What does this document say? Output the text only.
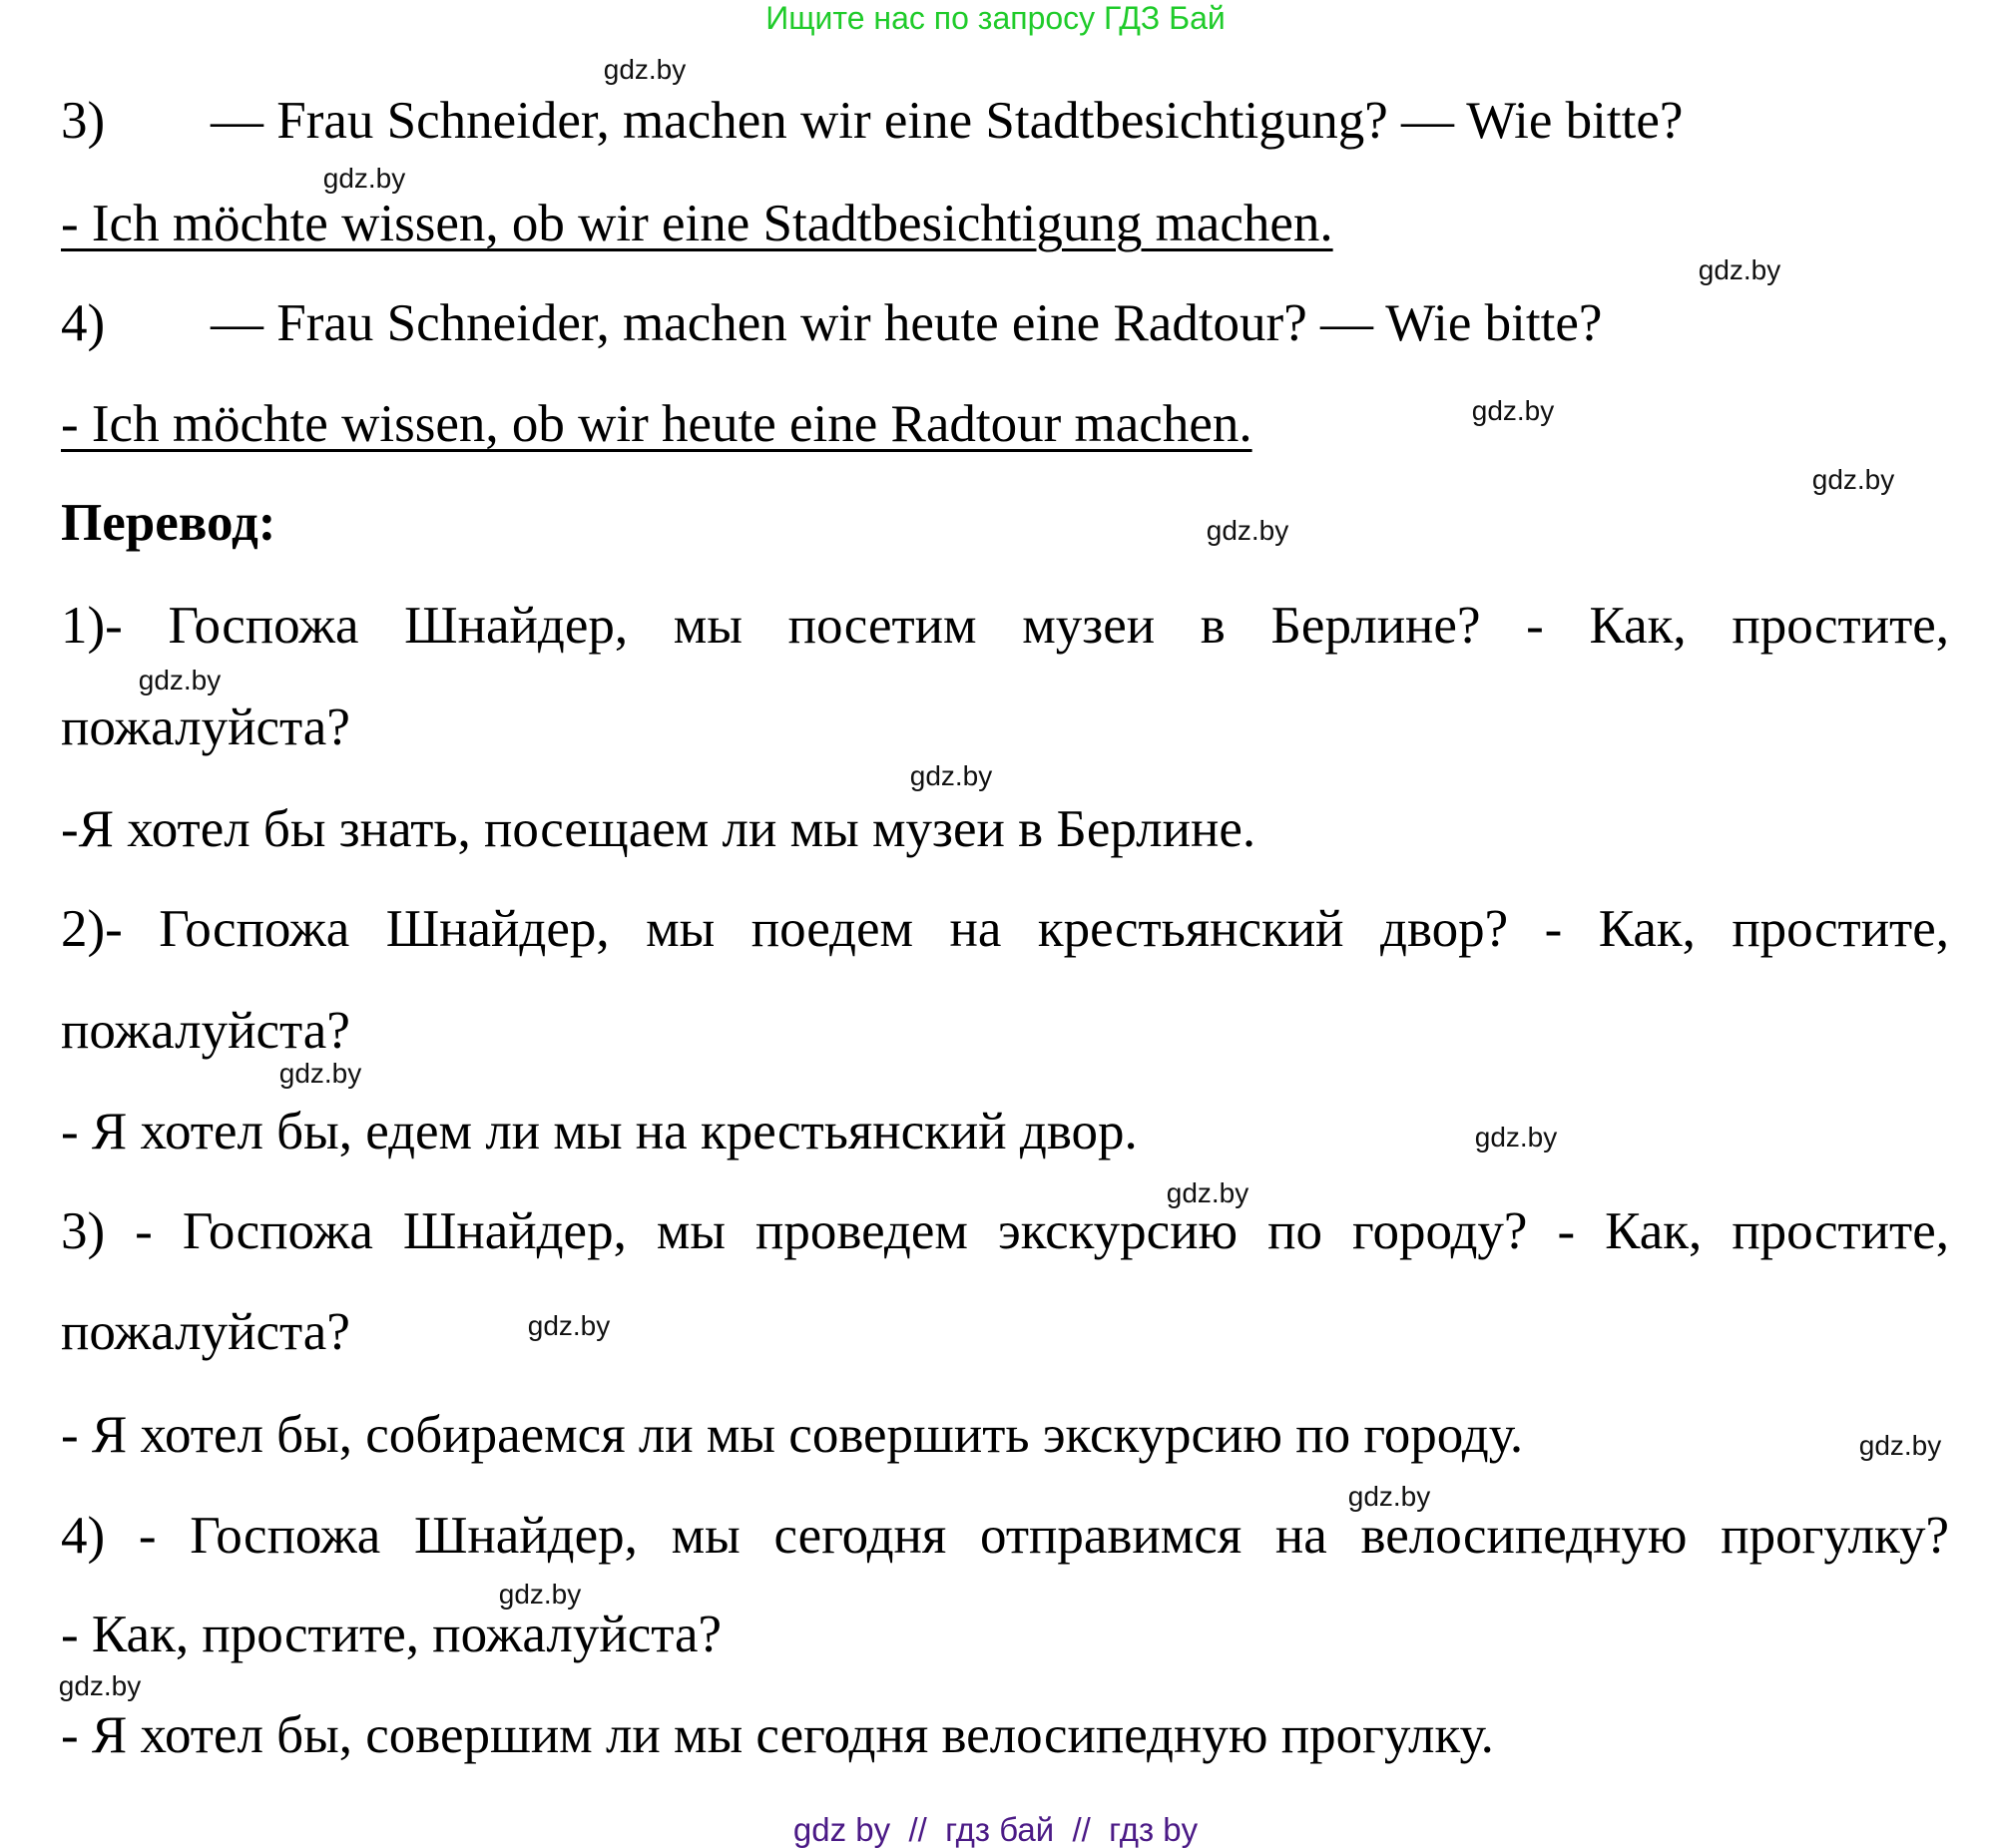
Ищите нас по запросу ГДЗ Бай
3) — Frau Schneider, machen wir eine Stadtbesichtigung? — Wie bitte?
- Ich möchte wissen, ob wir eine Stadtbesichtigung machen.
4) — Frau Schneider, machen wir heute eine Radtour? — Wie bitte?
- Ich möchte wissen, ob wir heute eine Radtour machen.
Перевод:
1)- Госпожа Шнайдер, мы посетим музеи в Берлине? - Как, простите,
пожалуйста?
-Я хотел бы знать, посещаем ли мы музеи в Берлине.
2)- Госпожа Шнайдер, мы поедем на крестьянский двор? - Как, простите,
пожалуйста?
- Я хотел бы, едем ли мы на крестьянский двор.
3) - Госпожа Шнайдер, мы проведем экскурсию по городу? - Как, простите,
пожалуйста?
- Я хотел бы, собираемся ли мы совершить экскурсию по городу.
4) - Госпожа Шнайдер, мы сегодня отправимся на велосипедную прогулку?
- Как, простите, пожалуйста?
- Я хотел бы, совершим ли мы сегодня велосипедную прогулку.
gdz.by
gdz.by
gdz.by
gdz.by
gdz.by
gdz.by
gdz.by
gdz.by
gdz.by
gdz.by
gdz.by
gdz.by
gdz.by
gdz.by
gdz.by
gdz.by
gdz by  //  гдз бай  //  гдз by
